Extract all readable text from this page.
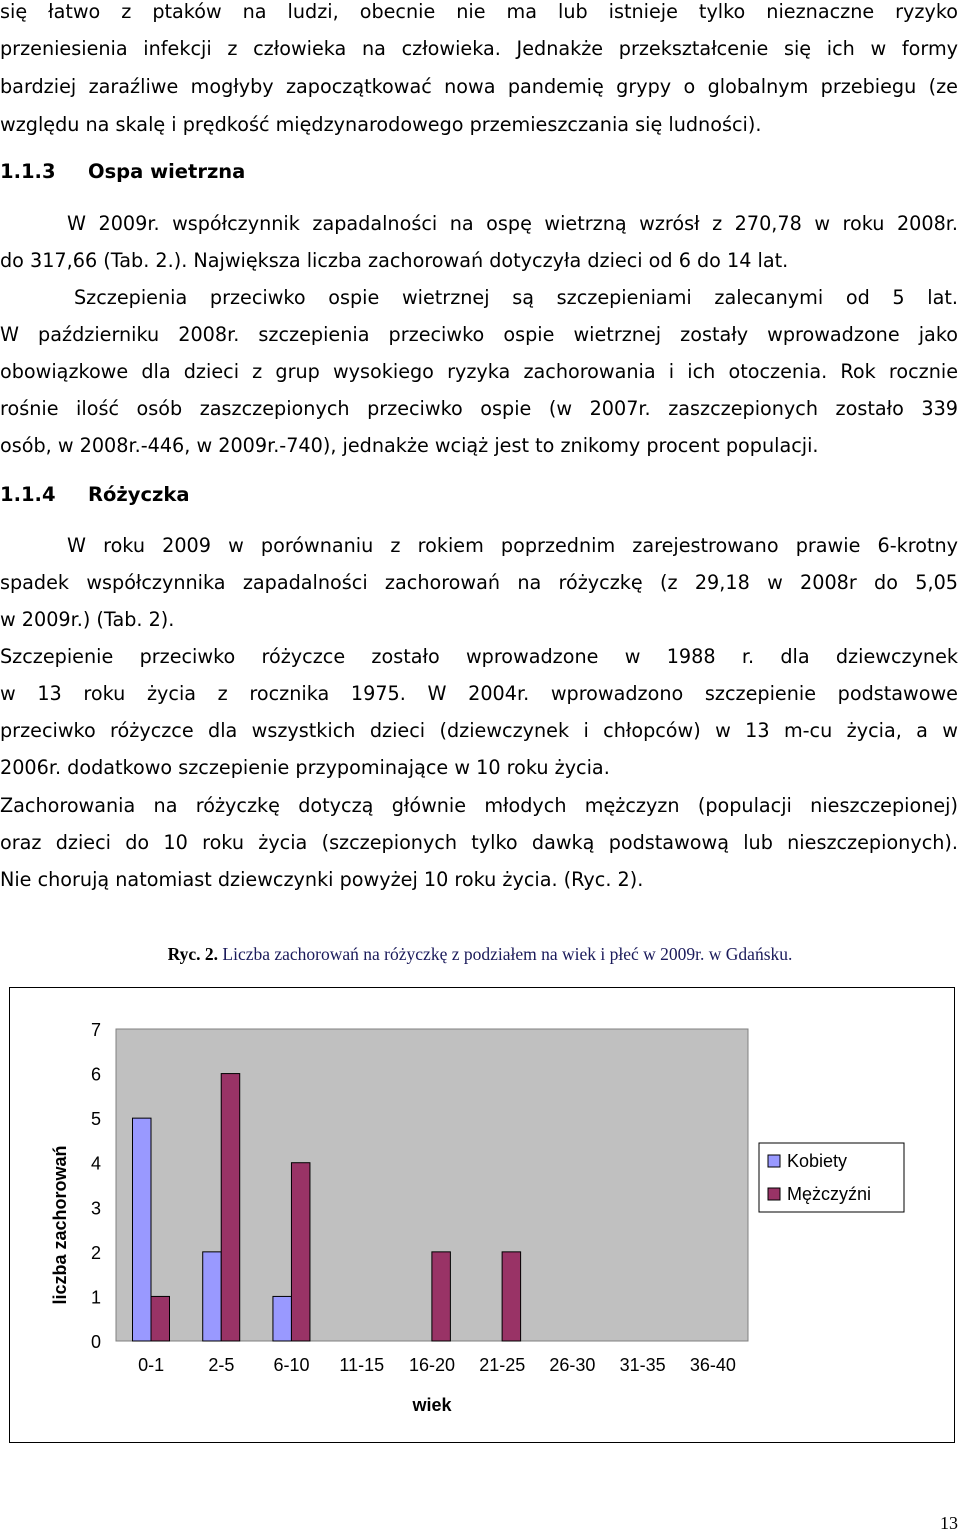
się łatwo z ptaków na ludzi, obecnie nie ma lub istnieje tylko nieznaczne ryzyko
przeniesienia infekcji z człowieka na człowieka. Jednakże przekształcenie się ich w formy
bardziej zaraźliwe mogłyby zapoczątkować nowa pandemię grypy o globalnym przebiegu (ze
względu na skalę i prędkość międzynarodowego przemieszczania się ludności).
1.1.3 Ospa wietrzna
W 2009r. współczynnik zapadalności na ospę wietrzną wzrósł z 270,78 w roku 2008r.
do 317,66 (Tab. 2.). Największa liczba zachorowań dotyczyła dzieci od 6 do 14 lat.
Szczepienia przeciwko ospie wietrznej są szczepieniami zalecanymi od 5 lat.
W październiku 2008r. szczepienia przeciwko ospie wietrznej zostały wprowadzone jako
obowiązkowe dla dzieci z grup wysokiego ryzyka zachorowania i ich otoczenia. Rok rocznie
rośnie ilość osób zaszczepionych przeciwko ospie (w 2007r. zaszczepionych zostało 339
osób, w 2008r.-446, w 2009r.-740), jednakże wciąż jest to znikomy procent populacji.
1.1.4 Różyczka
W roku 2009 w porównaniu z rokiem poprzednim zarejestrowano prawie 6-krotny
spadek współczynnika zapadalności zachorowań na różyczkę (z 29,18 w 2008r do 5,05
w 2009r.) (Tab. 2).
Szczepienie przeciwko różyczce zostało wprowadzone w 1988 r. dla dziewczynek
w 13 roku życia z rocznika 1975. W 2004r. wprowadzono szczepienie podstawowe
przeciwko różyczce dla wszystkich dzieci (dziewczynek i chłopców) w 13 m-cu życia, a w
2006r. dodatkowo szczepienie przypominające w 10 roku życia.
Zachorowania na różyczkę dotyczą głównie młodych mężczyzn (populacji nieszczepionej)
oraz dzieci do 10 roku życia (szczepionych tylko dawką podstawową lub nieszczepionych).
Nie chorują natomiast dziewczynki powyżej 10 roku życia. (Ryc. 2).
Ryc. 2. Liczba zachorowań na różyczkę z podziałem na wiek i płeć w 2009r. w Gdańsku.
0
1
2
3
4
5
6
7
0-1 2-5 6-10 11-15 16-20 21-25 26-30 31-35 36-40
wiek
liczba zachorowań	Kobiety
Mężczyźni
13
